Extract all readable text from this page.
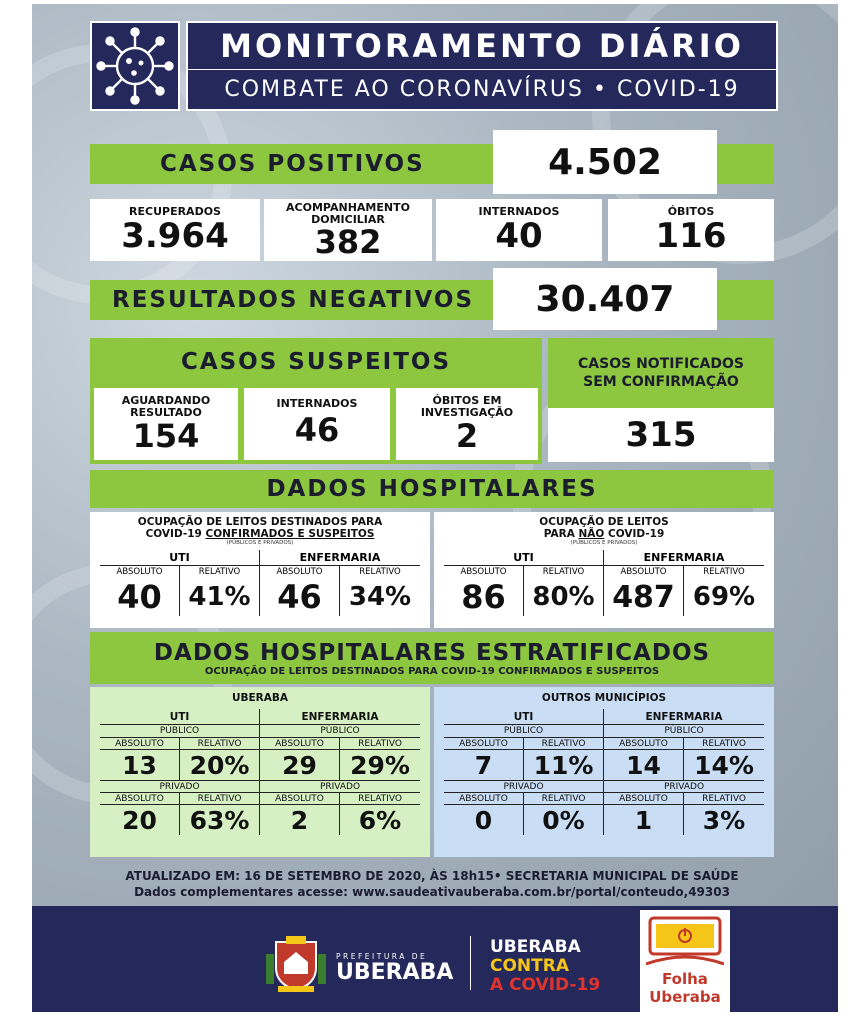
MONITORAMENTO DIÁRIO
COMBATE AO CORONAVÍRUS • COVID-19
CASOS POSITIVOS	4.502
RECUPERADOS
3.964
ACOMPANHAMENTO DOMICILIAR
382
INTERNADOS
40
ÓBITOS
116
RESULTADOS NEGATIVOS 30.407
CASOS SUSPEITOS
AGUARDANDO RESULTADO
154
INTERNADOS
46
ÓBITOS EM INVESTIGAÇÃO
2
CASOS NOTIFICADOS SEM CONFIRMAÇÃO
315
DADOS HOSPITALARES
OCUPAÇÃO DE LEITOS DESTINADOS PARA
COVID-19 CONFIRMADOS E SUSPEITOS
(PÚBLICOS E PRIVADOS)
UTI	ENFERMARIA
ABSOLUTO	RELATIVO	ABSOLUTO	RELATIVO
40	41% 46	34%
OCUPAÇÃO DE LEITOS
PARA NÃO COVID-19
(PÚBLICOS E PRIVADOS)
UTI	ENFERMARIA
ABSOLUTO	RELATIVO	ABSOLUTO	RELATIVO
86	80% 487 69%
DADOS HOSPITALARES ESTRATIFICADOS
OCUPAÇÃO DE LEITOS DESTINADOS PARA COVID-19 CONFIRMADOS E SUSPEITOS
UBERABA
UTI	ENFERMARIA
PÚBLICO	PÚBLICO
ABSOLUTO	RELATIVO	ABSOLUTO	RELATIVO
13	20%	29	29%
PRIVADO	PRIVADO
ABSOLUTO	RELATIVO	ABSOLUTO	RELATIVO
20	63%	2	6%
OUTROS MUNICÍPIOS
UTI	ENFERMARIA
PÚBLICO	PÚBLICO
ABSOLUTO	RELATIVO	ABSOLUTO	RELATIVO
7	11%	14	14%
PRIVADO	PRIVADO
ABSOLUTO	RELATIVO	ABSOLUTO	RELATIVO
0	0%	1	3%
ATUALIZADO EM: 16 DE SETEMBRO DE 2020, ÀS 18h15• SECRETARIA MUNICIPAL DE SAÚDE
Dados complementares acesse: www.saudeativauberaba.com.br/portal/conteudo,49303
PREFEITURA DE
UBERABA
UBERABA
CONTRA
A COVID-19	Folha
Uberaba
